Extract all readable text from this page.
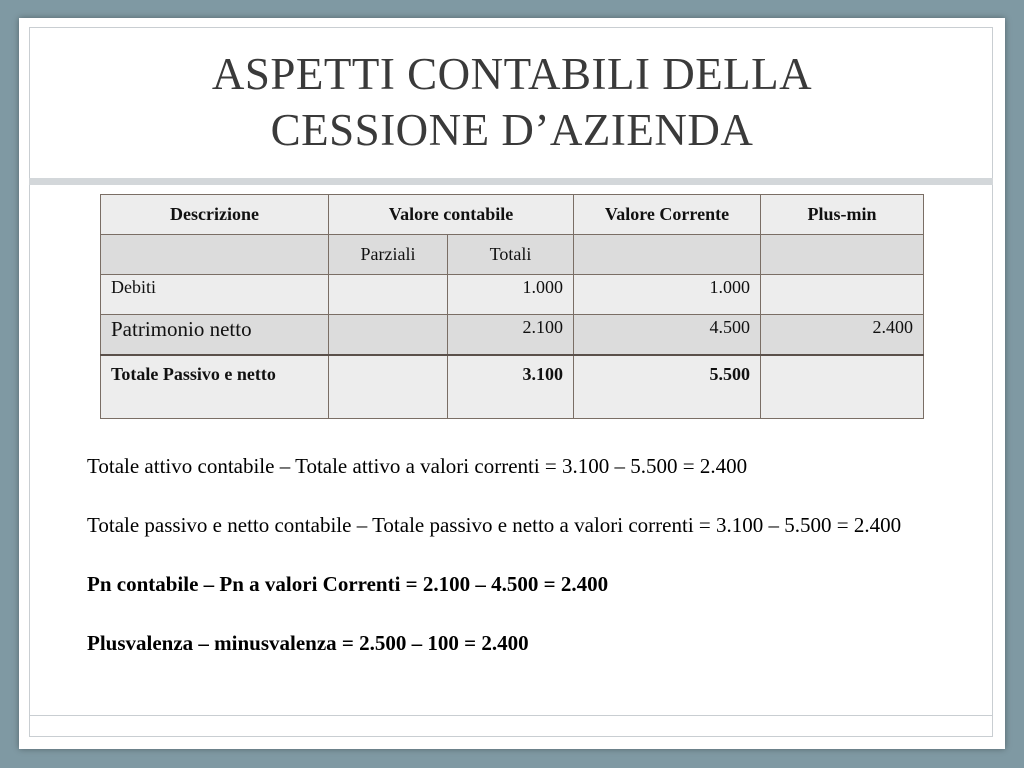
ASPETTI CONTABILI DELLA
CESSIONE D’AZIENDA
Descrizione	Valore contabile		Valore Corrente	Plus-min
	Parziali	Totali		
Debiti		1.000	1.000	
Patrimonio netto		2.100	4.500	2.400
Totale Passivo e netto		3.100	5.500	

Totale attivo contabile – Totale attivo a valori correnti = 3.100 – 5.500 = 2.400

Totale passivo e netto contabile – Totale passivo e netto a valori correnti = 3.100 – 5.500 = 2.400

Pn contabile – Pn a valori Correnti = 2.100 – 4.500 = 2.400

Plusvalenza – minusvalenza = 2.500 – 100 = 2.400
